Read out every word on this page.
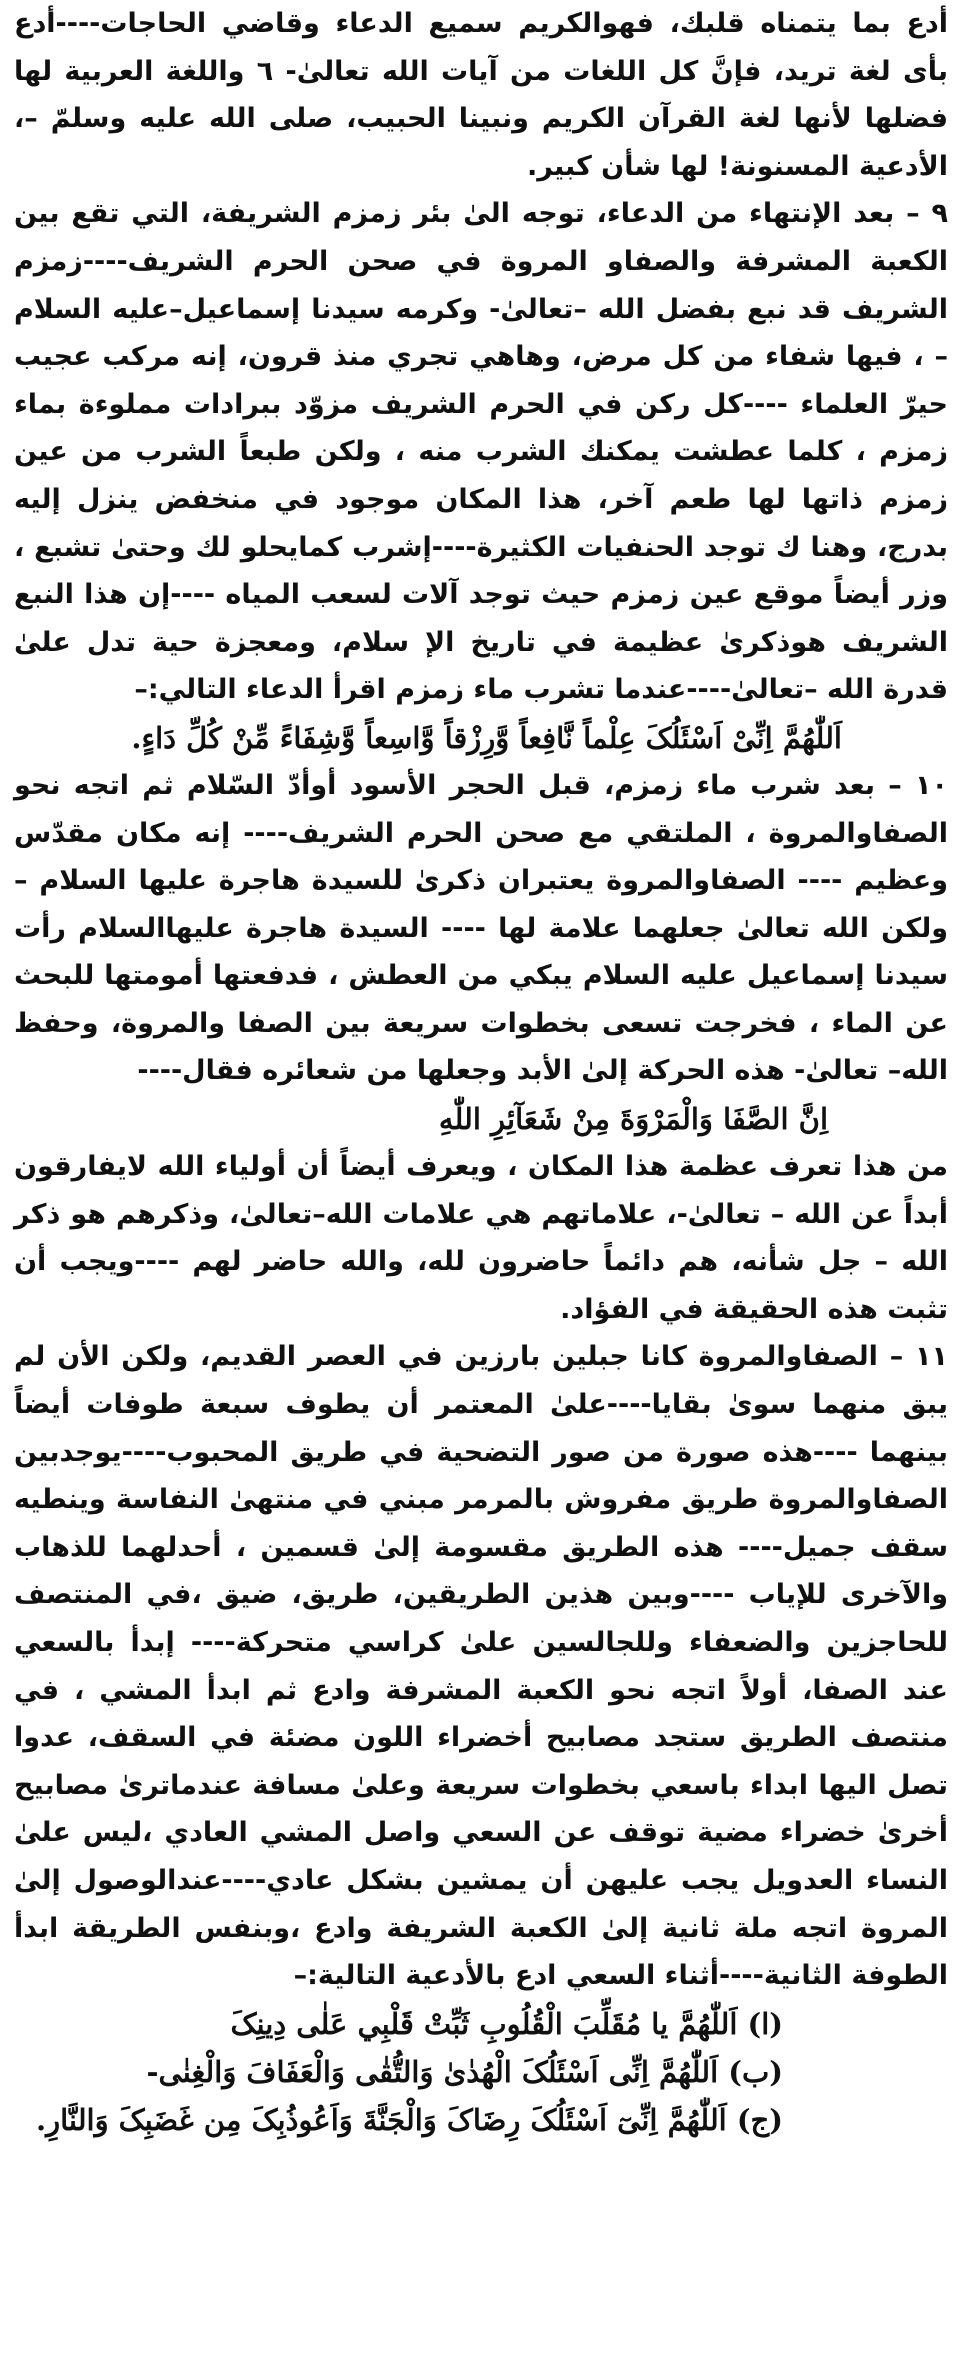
أدع بما يتمناه قلبك، فهوالكريم سميع الدعاء وقاضي الحاجات----أدع بأى لغة تريد، فإنَّ كل اللغات من آيات الله تعالىٰ- ٦ واللغة العربية لها فضلها لأنها لغة القرآن الكريم ونبينا الحبيب، صلى الله عليه وسلمّ –، الأدعية المسنونة! لها شأن كبير.

٩ – بعد الإنتهاء من الدعاء، توجه الىٰ بئر زمزم الشريفة، التي تقع بين الكعبة المشرفة والصفاو المروة في صحن الحرم الشريف----زمزم الشريف قد نبع بفضل الله –تعالىٰ- وكرمه سيدنا إسماعيل–عليه السلام – ، فيها شفاء من كل مرض، وهاهي تجري منذ قرون، إنه مركب عجيب حيرّ العلماء ----كل ركن في الحرم الشريف مزوّد ببرادات مملوءة بماء زمزم ، كلما عطشت يمكنك الشرب منه ، ولكن طبعاً الشرب من عين زمزم ذاتها لها طعم آخر، هذا المكان موجود في منخفض ينزل إليه بدرج، وهنا ك توجد الحنفيات الكثيرة----إشرب كمايحلو لك وحتىٰ تشبع ، وزر أيضاً موقع عين زمزم حيث توجد آلات لسعب المياه ----إن هذا النبع الشريف هوذكرىٰ عظيمة في تاريخ الإ سلام، ومعجزة حية تدل علىٰ قدرة الله –تعالىٰ----عندما تشرب ماء زمزم اقرأ الدعاء التالي:–

اَللّٰهُمَّ اِنِّیْ اَسْئَلُکَ عِلْماً نَّافِعاً وَّرِزْقاً وَّاسِعاً وَّشِفَاءً مِّنْ کُلِّ دَاءٍ.

١٠ – بعد شرب ماء زمزم، قبل الحجر الأسود أوأدّ السّلام ثم اتجه نحو الصفاوالمروة ، الملتقي مع صحن الحرم الشريف---- إنه مكان مقدّس وعظيم ---- الصفاوالمروة يعتبران ذكرىٰ للسيدة هاجرة عليها السلام – ولكن الله تعالىٰ جعلهما علامة لها ---- السيدة هاجرة عليهاالسلام رأت سيدنا إسماعيل عليه السلام يبكي من العطش ، فدفعتها أمومتها للبحث عن الماء ، فخرجت تسعى بخطوات سريعة بين الصفا والمروة، وحفظ الله– تعالىٰ- هذه الحركة إلىٰ الأبد وجعلها من شعائره فقال----

اِنَّ الصَّفَا وَالْمَرْوَةَ مِنْ شَعَآئِرِ اللّٰهِ

من هذا تعرف عظمة هذا المكان ، ويعرف أيضاً أن أولياء الله لايفارقون أبداً عن الله – تعالىٰ-، علاماتهم هي علامات الله–تعالىٰ، وذكرهم هو ذكر الله – جل شأنه، هم دائماً حاضرون لله، والله حاضر لهم ----ويجب أن تثبت هذه الحقيقة في الفؤاد.

١١ – الصفاوالمروة كانا جبلين بارزين في العصر القديم، ولكن الأن لم يبق منهما سوىٰ بقايا----علىٰ المعتمر أن يطوف سبعة طوفات أيضاً بينهما ----هذه صورة من صور التضحية في طريق المحبوب----يوجدبين الصفاوالمروة طريق مفروش بالمرمر مبني في منتهىٰ النفاسة وينطيه سقف جميل---- هذه الطريق مقسومة إلىٰ قسمين ، أحدلهما للذهاب والآخرى للإياب ----وبين هذين الطريقين، طريق، ضيق ،في المنتصف للحاجزين والضعفاء وللجالسين علىٰ كراسي متحركة---- إبدأ بالسعي عند الصفا، أولاً اتجه نحو الكعبة المشرفة وادع ثم ابدأ المشي ، في منتصف الطريق ستجد مصابيح أخضراء اللون مضئة في السقف، عدوا تصل اليها ابداء باسعي بخطوات سريعة وعلىٰ مسافة عندماترىٰ مصابيح أخرىٰ خضراء مضية توقف عن السعي واصل المشي العادي ،ليس علىٰ النساء العدويل يجب عليهن أن يمشين بشكل عادي----عندالوصول إلىٰ المروة اتجه ملة ثانية إلىٰ الكعبة الشريفة وادع ،وبنفس الطريقة ابدأ الطوفة الثانية----أثناء السعي ادع بالأدعية التالية:–

(ا) اَللّٰهُمَّ يا مُقَلِّبَ الْقُلُوبِ ثَبِّتْ قَلْبِي عَلٰى دِينِکَ

(ب) اَللّٰهُمَّ اِنِّی اَسْئَلُکَ الْهُدٰیٰ وَالتُّقٰی وَالْعَفَافَ وَالْغِنٰی-

(ج) اَللّٰهُمَّ اِنِّیٓ اَسْئَلُکَ رِضَاکَ وَالْجَنَّةَ وَاَعُوذُبِکَ مِن غَضَبِکَ وَالنَّارِ.
